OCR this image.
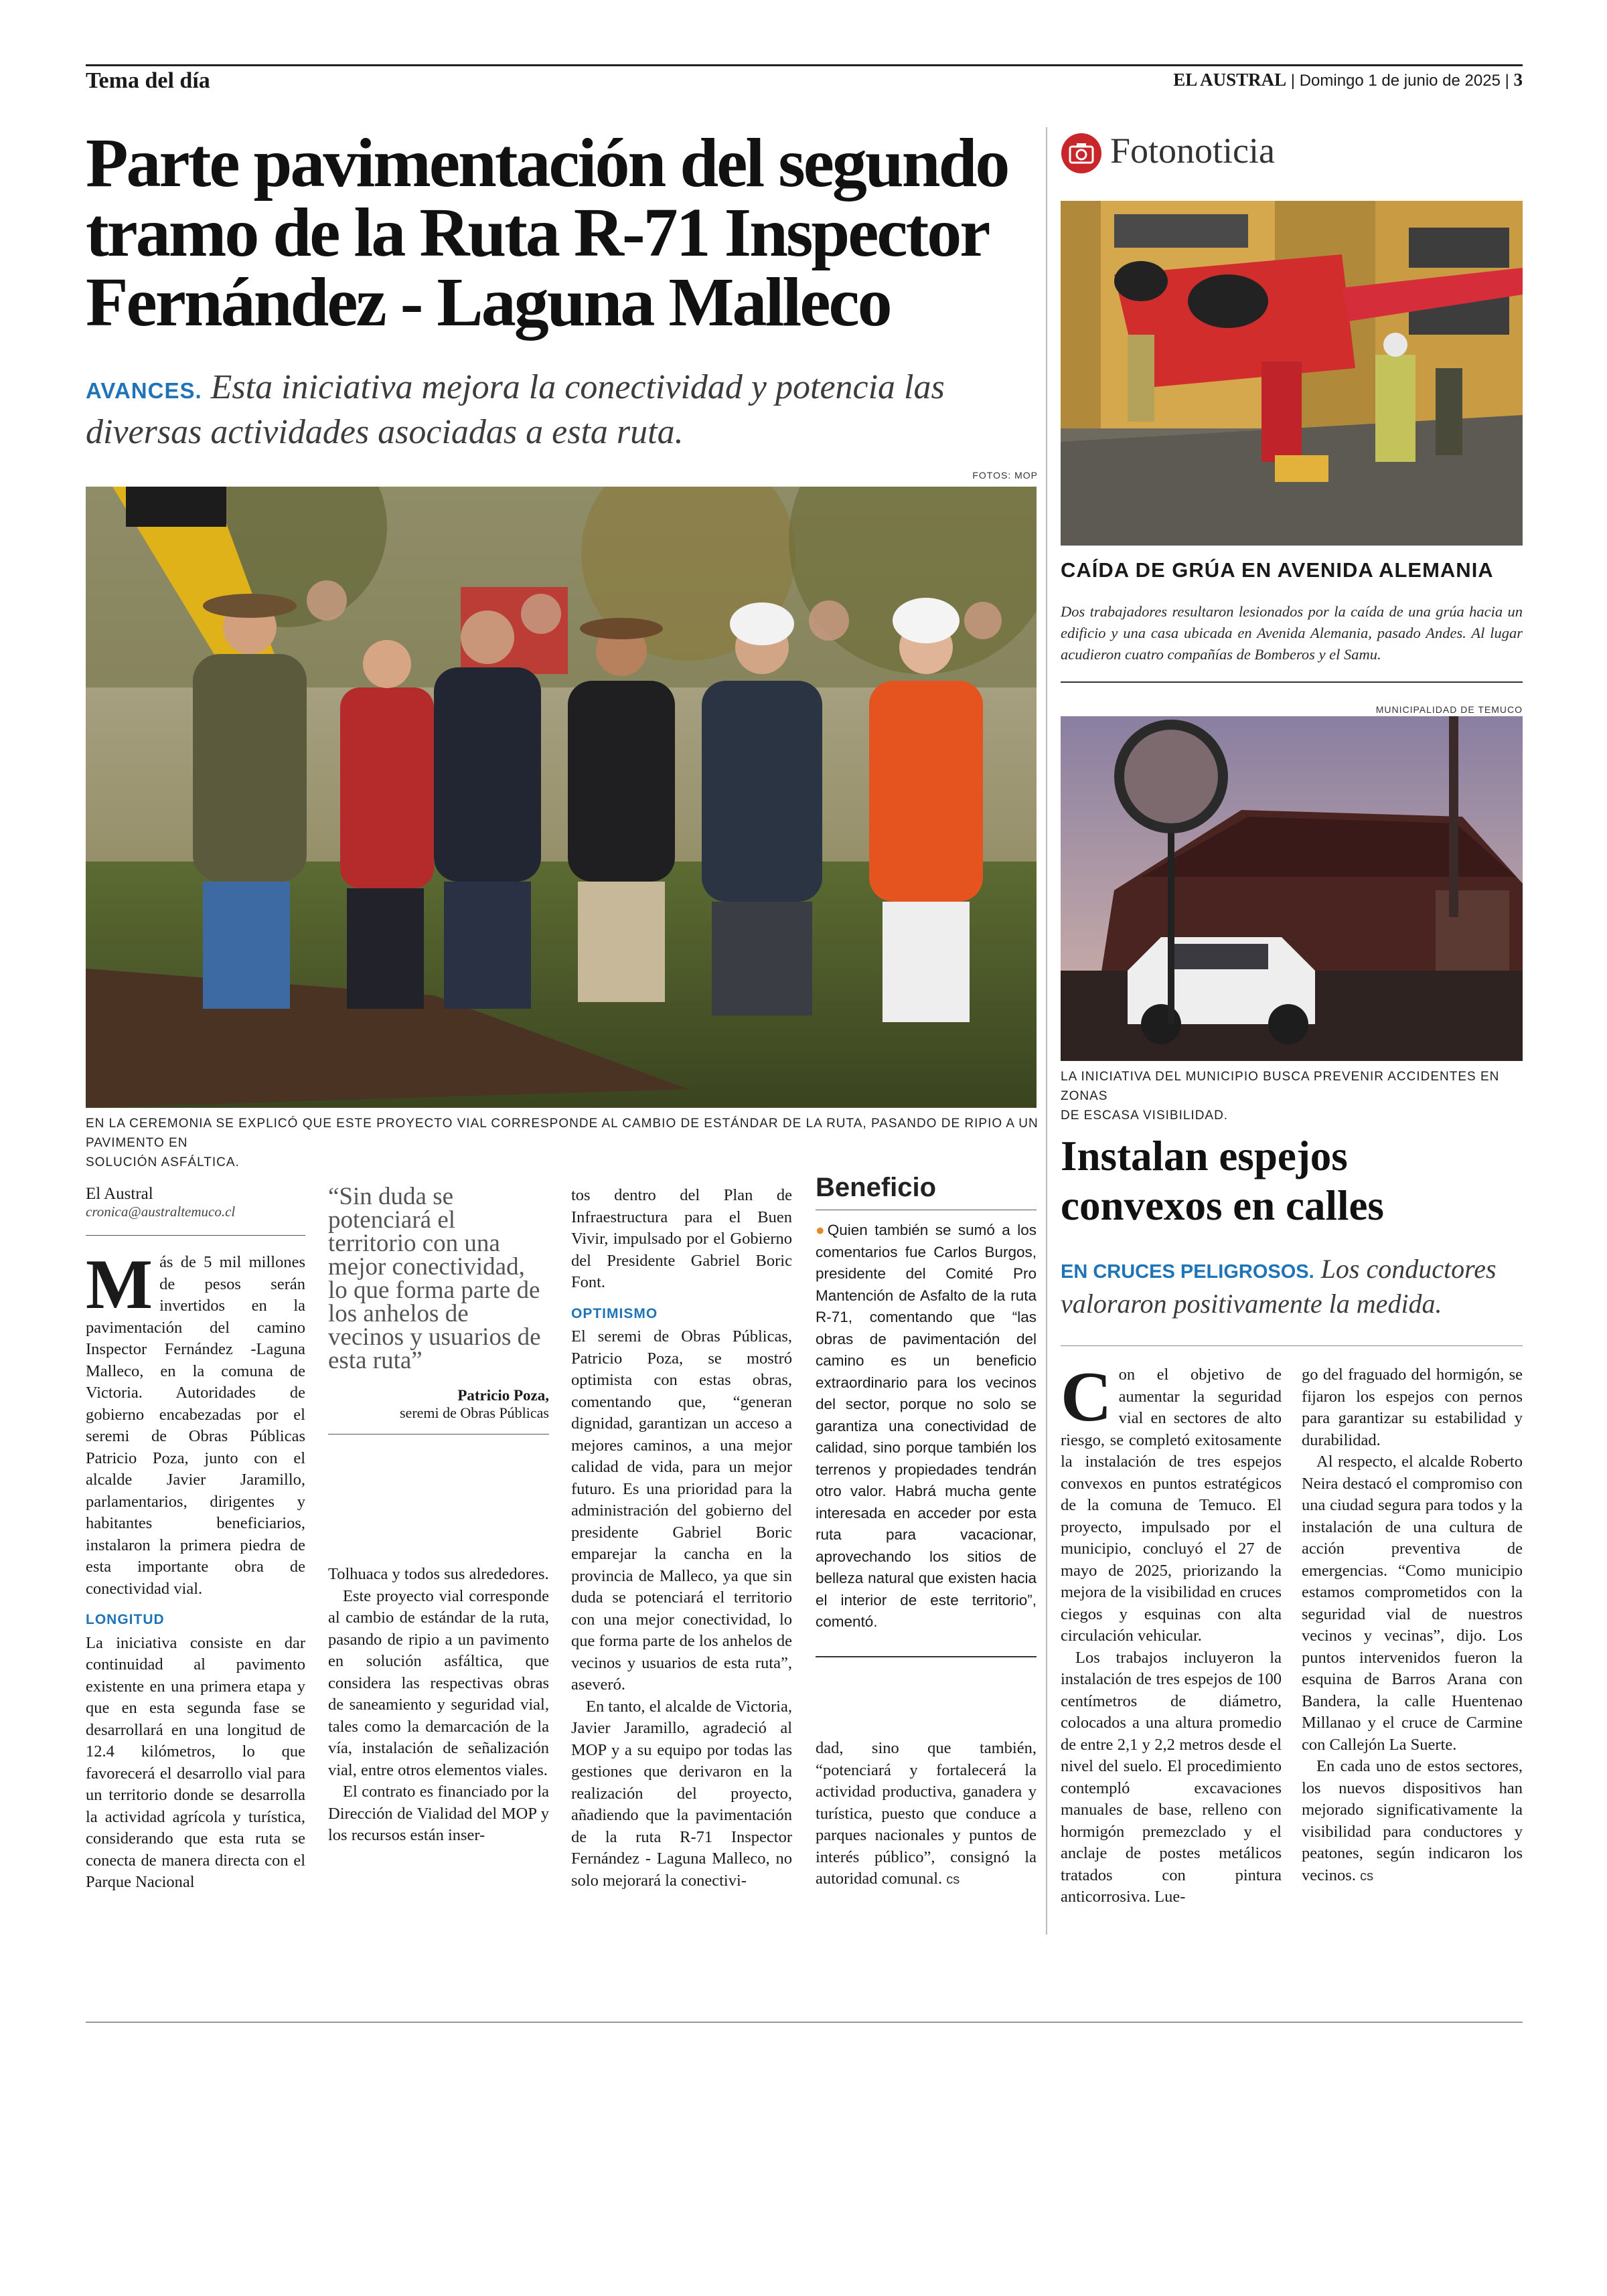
Tema del día	EL AUSTRAL | Domingo 1 de junio de 2025 | 3
Parte pavimentación del segundo
tramo de la Ruta R-71 Inspector
Fernández - Laguna Malleco
AVANCES. Esta iniciativa mejora la conectividad y potencia las
diversas actividades asociadas a esta ruta.
FOTOS: MOP
EN LA CEREMONIA SE EXPLICÓ QUE ESTE PROYECTO VIAL CORRESPONDE AL CAMBIO DE ESTÁNDAR DE LA RUTA, PASANDO DE RIPIO A UN PAVIMENTO EN
SOLUCIÓN ASFÁLTICA.
El Austral
cronica@australtemuco.cl

Más de 5 mil millones de pesos serán invertidos en la pavimentación del camino Inspector Fernández -Laguna Malleco, en la comuna de Victoria. Autoridades de gobierno encabezadas por el seremi de Obras Públicas Patricio Poza, junto con el alcalde Javier Jaramillo, parlamentarios, dirigentes y habitantes beneficiarios, instalaron la primera piedra de esta importante obra de conectividad vial.

LONGITUD

La iniciativa consiste en dar continuidad al pavimento existente en una primera etapa y que en esta segunda fase se desarrollará en una longitud de 12.4 kilómetros, lo que favorecerá el desarrollo vial para un territorio donde se desarrolla la actividad agrícola y turística, considerando que esta ruta se conecta de manera directa con el Parque Nacional

“Sin duda se potenciará el territorio con una mejor conectividad, lo que forma parte de los anhelos de vecinos y usuarios de esta ruta”
Patricio Poza,
seremi de Obras Públicas

Tolhuaca y todos sus alrededores.

Este proyecto vial corresponde al cambio de estándar de la ruta, pasando de ripio a un pavimento en solución asfáltica, que considera las respectivas obras de saneamiento y seguridad vial, tales como la demarcación de la vía, instalación de señalización vial, entre otros elementos viales.

El contrato es financiado por la Dirección de Vialidad del MOP y los recursos están inser-

tos dentro del Plan de Infraestructura para el Buen Vivir, impulsado por el Gobierno del Presidente Gabriel Boric Font.

OPTIMISMO

El seremi de Obras Públicas, Patricio Poza, se mostró optimista con estas obras, comentando que, “generan dignidad, garantizan un acceso a mejores caminos, a una mejor calidad de vida, para un mejor futuro. Es una prioridad para la administración del gobierno del presidente Gabriel Boric emparejar la cancha en la provincia de Malleco, ya que sin duda se potenciará el territorio con una mejor conectividad, lo que forma parte de los anhelos de vecinos y usuarios de esta ruta”, aseveró.

En tanto, el alcalde de Victoria, Javier Jaramillo, agradeció al MOP y a su equipo por todas las gestiones que derivaron en la realización del proyecto, añadiendo que la pavimentación de la ruta R-71 Inspector Fernández - Laguna Malleco, no solo mejorará la conectivi-

Beneficio

●Quien también se sumó a los comentarios fue Carlos Burgos, presidente del Comité Pro Mantención de Asfalto de la ruta R-71, comentando que “las obras de pavimentación del camino es un beneficio extraordinario para los vecinos del sector, porque no solo se garantiza una conectividad de calidad, sino porque también los terrenos y propiedades tendrán otro valor. Habrá mucha gente interesada en acceder por esta ruta para vacacionar, aprovechando los sitios de belleza natural que existen hacia el interior de este territorio”, comentó.

dad, sino que también, “potenciará y fortalecerá la actividad productiva, ganadera y turística, puesto que conduce a parques nacionales y puntos de interés público”, consignó la autoridad comunal. cs

Fotonoticia
CAÍDA DE GRÚA EN AVENIDA ALEMANIA
Dos trabajadores resultaron lesionados por la caída de una grúa hacia un edificio y una casa ubicada en Avenida Alemania, pasado Andes. Al lugar acudieron cuatro compañías de Bomberos y el Samu.
MUNICIPALIDAD DE TEMUCO
LA INICIATIVA DEL MUNICIPIO BUSCA PREVENIR ACCIDENTES EN ZONAS
DE ESCASA VISIBILIDAD.
Instalan espejos
convexos en calles
EN CRUCES PELIGROSOS. Los conductores
valoraron positivamente la medida.

Con el objetivo de aumentar la seguridad vial en sectores de alto riesgo, se completó exitosamente la instalación de tres espejos convexos en puntos estratégicos de la comuna de Temuco. El proyecto, impulsado por el municipio, concluyó el 27 de mayo de 2025, priorizando la mejora de la visibilidad en cruces ciegos y esquinas con alta circulación vehicular.

Los trabajos incluyeron la instalación de tres espejos de 100 centímetros de diámetro, colocados a una altura promedio de entre 2,1 y 2,2 metros desde el nivel del suelo. El procedimiento contempló excavaciones manuales de base, relleno con hormigón premezclado y el anclaje de postes metálicos tratados con pintura anticorrosiva. Lue-

go del fraguado del hormigón, se fijaron los espejos con pernos para garantizar su estabilidad y durabilidad.

Al respecto, el alcalde Roberto Neira destacó el compromiso con una ciudad segura para todos y la instalación de una cultura de acción preventiva de emergencias. “Como municipio estamos comprometidos con la seguridad vial de nuestros vecinos y vecinas”, dijo. Los puntos intervenidos fueron la esquina de Barros Arana con Bandera, la calle Huentenao Millanao y el cruce de Carmine con Callejón La Suerte.

En cada uno de estos sectores, los nuevos dispositivos han mejorado significativamente la visibilidad para conductores y peatones, según indicaron los vecinos. cs
